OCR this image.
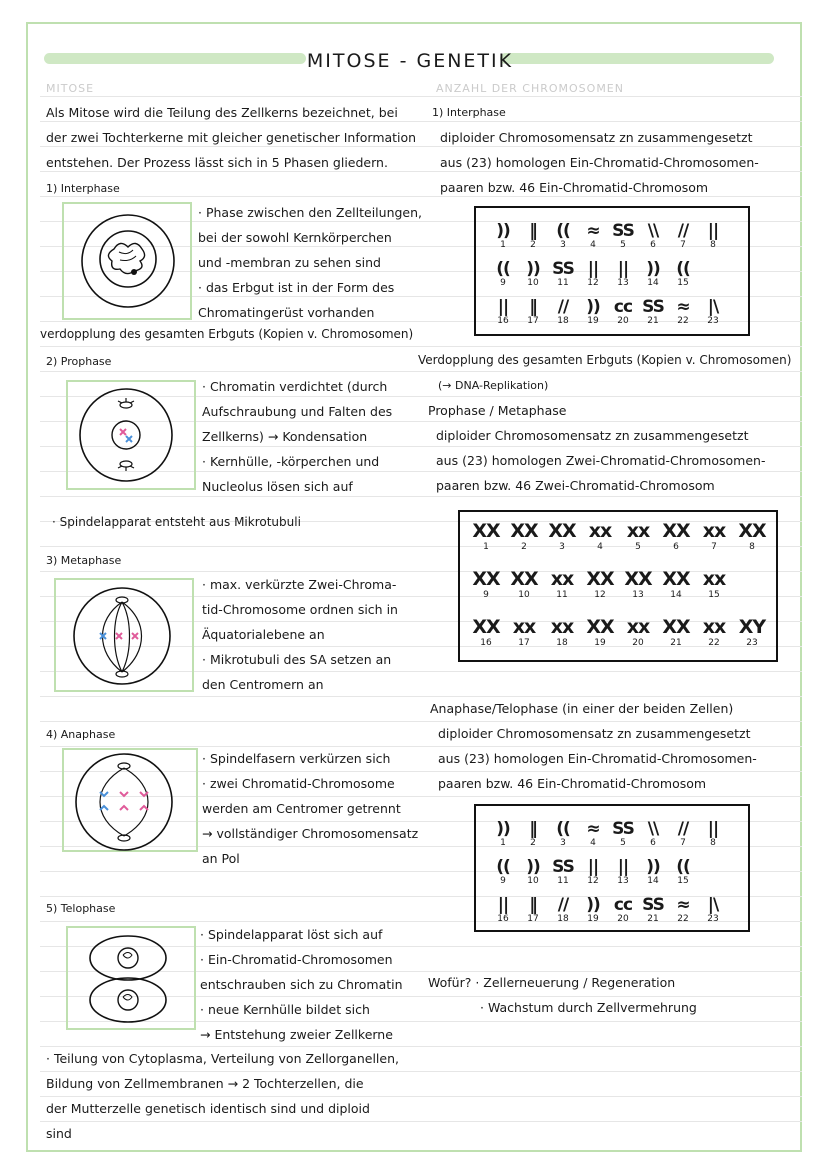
MITOSE - GENETIK
MITOSE	ANZAHL DER CHROMOSOMEN
Als Mitose wird die Teilung des Zellkerns bezeichnet, bei
der zwei Tochterkerne mit gleicher genetischer Information
entstehen. Der Prozess lässt sich in 5 Phasen gliedern.
1) Interphase
· Phase zwischen den Zellteilungen,
bei der sowohl Kernkörperchen
und -membran zu sehen sind
· das Erbgut ist in der Form des
Chromatingerüst vorhanden
verdopplung des gesamten Erbguts (Kopien v. Chromosomen)
2) Prophase
· Chromatin verdichtet (durch
Aufschraubung und Falten des
Zellkerns) → Kondensation
· Kernhülle, -körperchen und
Nucleolus lösen sich auf
· Spindelapparat entsteht aus Mikrotubuli
3) Metaphase
· max. verkürzte Zwei-Chroma-
tid-Chromosome ordnen sich in
Äquatorialebene an
· Mikrotubuli des SA setzen an
den Centromern an
4) Anaphase
· Spindelfasern verkürzen sich
· zwei Chromatid-Chromosome
werden am Centromer getrennt
→ vollständiger Chromosomensatz
an Pol
5) Telophase
· Spindelapparat löst sich auf
· Ein-Chromatid-Chromosomen
entschrauben sich zu Chromatin
· neue Kernhülle bildet sich
→ Entstehung zweier Zellkerne
· Teilung von Cytoplasma, Verteilung von Zellorganellen,
Bildung von Zellmembranen → 2 Tochterzellen, die
der Mutterzelle genetisch identisch sind und diploid
sind
1) Interphase
diploider Chromosomensatz zn zusammengesetzt
aus (23) homologen Ein-Chromatid-Chromosomen-
paaren bzw. 46 Ein-Chromatid-Chromosom
))
1
‖
2
((
3
≈
4
SS
5
\\
6
//
7
||
8
((
9
))
10
SS
11
||
12
||
13
))
14
((
15
||
16
‖
17
//
18
))
19
cc
20
SS
21
≈
22
|\
23
Verdopplung des gesamten Erbguts (Kopien v. Chromosomen)
(→ DNA-Replikation)
Prophase / Metaphase
diploider Chromosomensatz zn zusammengesetzt
aus (23) homologen Zwei-Chromatid-Chromosomen-
paaren bzw. 46 Zwei-Chromatid-Chromosom
XX
1
XX
2
XX
3
xx
4
xx
5
XX
6
xx
7
XX
8
XX
9
XX
10
xx
11
XX
12
XX
13
XX
14
xx
15
XX
16
xx
17
xx
18
XX
19
xx
20
XX
21
xx
22
XY
23
Anaphase/Telophase (in einer der beiden Zellen)
diploider Chromosomensatz zn zusammengesetzt
aus (23) homologen Ein-Chromatid-Chromosomen-
paaren bzw. 46 Ein-Chromatid-Chromosom
))
1
‖
2
((
3
≈
4
SS
5
\\
6
//
7
||
8
((
9
))
10
SS
11
||
12
||
13
))
14
((
15
||
16
‖
17
//
18
))
19
cc
20
SS
21
≈
22
|\
23
Wofür? · Zellerneuerung / Regeneration
· Wachstum durch Zellvermehrung
